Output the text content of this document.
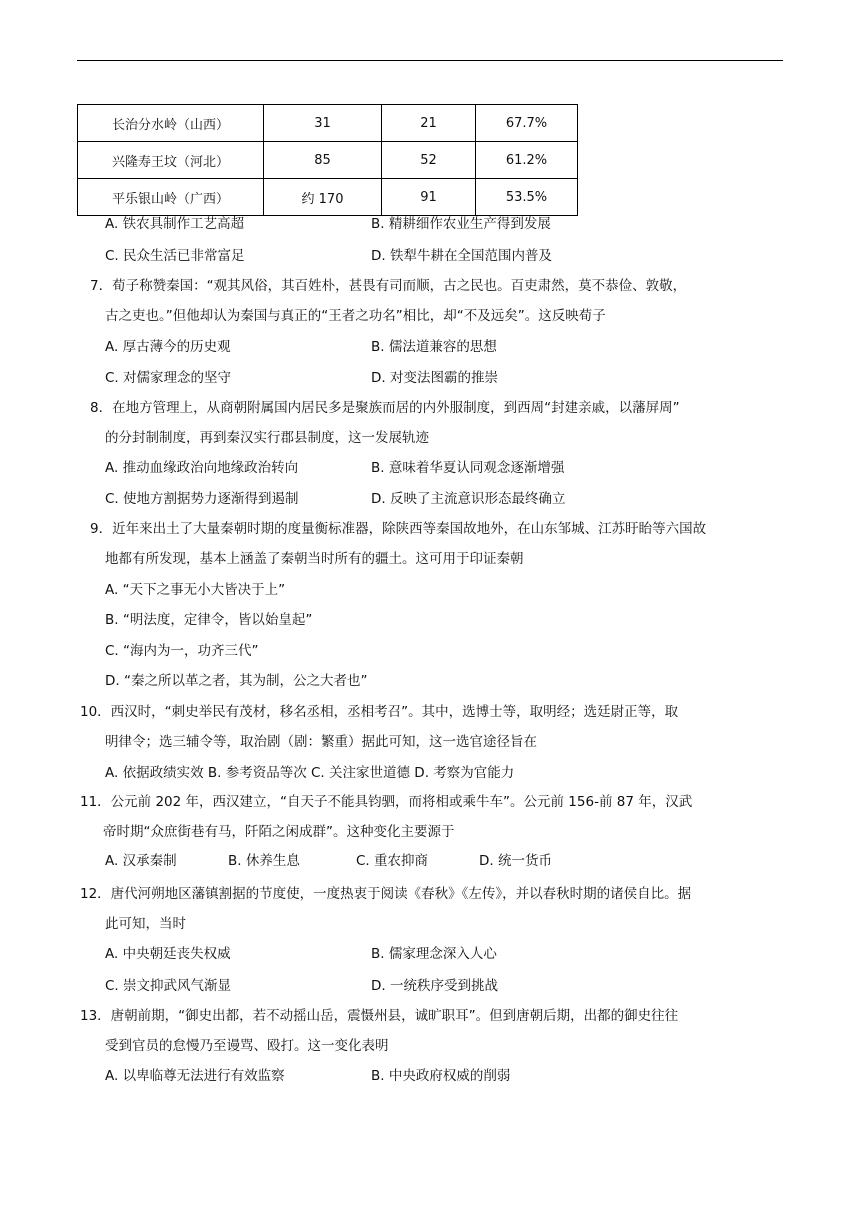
长治分水岭（山西）	31	21	67.7%
兴隆寿王坟（河北）	85	52	61.2%
平乐银山岭（广西）	约 170	91	53.5%
A. 铁农具制作工艺高超	B. 精耕细作农业生产得到发展
C. 民众生活已非常富足	D. 铁犁牛耕在全国范围内普及
7．荀子称赞秦国：“观其风俗，其百姓朴，甚畏有司而顺，古之民也。百吏肃然，莫不恭俭、敦敬，
古之吏也。”但他却认为秦国与真正的“王者之功名”相比，却“不及远矣”。这反映荀子
A. 厚古薄今的历史观	B. 儒法道兼容的思想
C. 对儒家理念的坚守	D. 对变法图霸的推崇
8．在地方管理上，从商朝附属国内居民多是聚族而居的内外服制度，到西周“封建亲戚，以藩屏周”
的分封制制度，再到秦汉实行郡县制度，这一发展轨迹
A. 推动血缘政治向地缘政治转向	B. 意味着华夏认同观念逐渐增强
C. 使地方割据势力逐渐得到遏制	D. 反映了主流意识形态最终确立
9．近年来出土了大量秦朝时期的度量衡标准器，除陕西等秦国故地外，在山东邹城、江苏盱眙等六国故
地都有所发现，基本上涵盖了秦朝当时所有的疆土。这可用于印证秦朝
A. “天下之事无小大皆决于上”
B. “明法度，定律令，皆以始皇起”
C. “海内为一，功齐三代”
D. “秦之所以革之者，其为制，公之大者也”
10．西汉时，“刺史举民有茂材，移名丞相，丞相考召”。其中，选博士等，取明经；选廷尉正等，取
明律令；选三辅令等，取治剧（剧：繁重）据此可知，这一选官途径旨在
A. 依据政绩实效 B. 参考资品等次 C. 关注家世道德 D. 考察为官能力
11．公元前 202 年，西汉建立，“自天子不能具钧驷，而将相或乘牛车”。公元前 156-前 87 年，汉武
帝时期“众庶街巷有马，阡陌之闲成群”。这种变化主要源于
A. 汉承秦制	B. 休养生息	C. 重农抑商	D. 统一货币
12．唐代河朔地区藩镇割据的节度使，一度热衷于阅读《春秋》《左传》，并以春秋时期的诸侯自比。据
此可知，当时
A. 中央朝廷丧失权威	B. 儒家理念深入人心
C. 崇文抑武风气渐显	D. 一统秩序受到挑战
13．唐朝前期，“御史出都，若不动摇山岳，震慑州县，诚旷职耳”。但到唐朝后期，出都的御史往往
受到官员的怠慢乃至谩骂、殴打。这一变化表明
A. 以卑临尊无法进行有效监察	B. 中央政府权威的削弱
